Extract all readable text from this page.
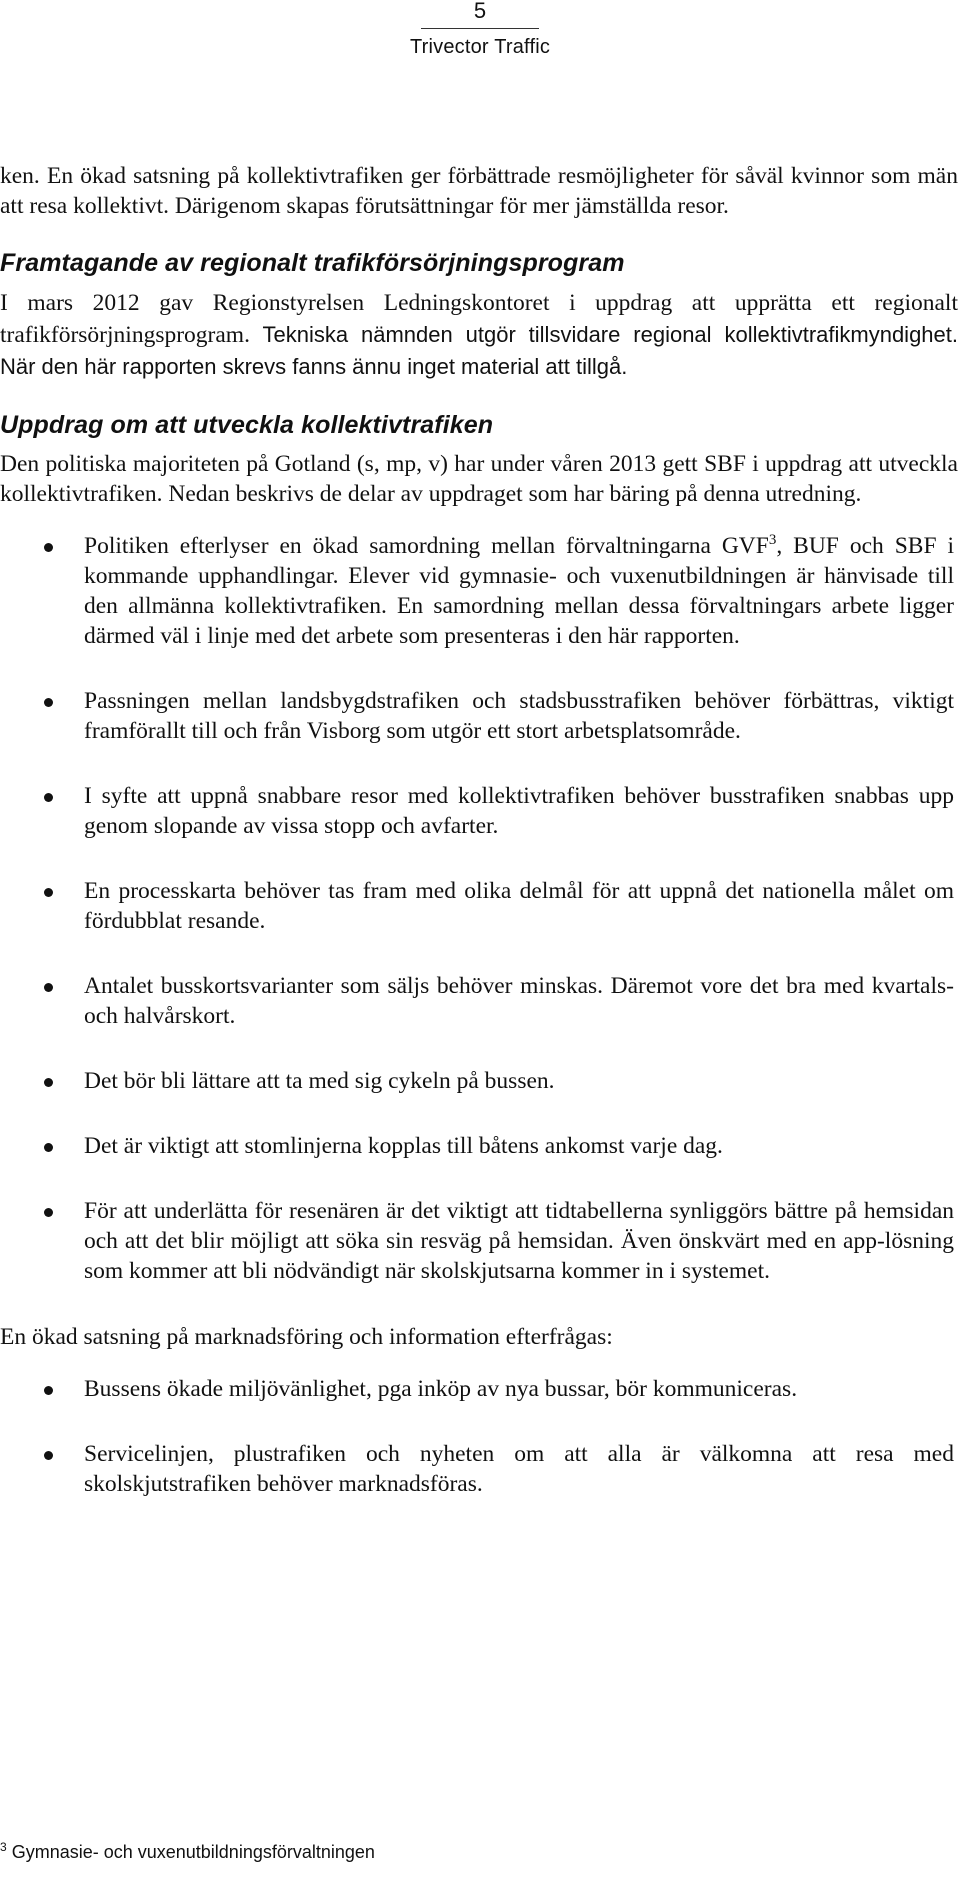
5
Trivector Traffic

ken. En ökad satsning på kollektivtrafiken ger förbättrade resmöjligheter för såväl kvinnor som män att resa kollektivt. Därigenom skapas förutsättningar för mer jämställda resor.

Framtagande av regionalt trafikförsörjningsprogram

I mars 2012 gav Regionstyrelsen Ledningskontoret i uppdrag att upprätta ett regionalt trafikförsörjningsprogram. Tekniska nämnden utgör tillsvidare regional kollektivtrafikmyndighet. När den här rapporten skrevs fanns ännu inget material att tillgå.

Uppdrag om att utveckla kollektivtrafiken

Den politiska majoriteten på Gotland (s, mp, v) har under våren 2013 gett SBF i uppdrag att utveckla kollektivtrafiken. Nedan beskrivs de delar av uppdraget som har bäring på denna utredning.

Politiken efterlyser en ökad samordning mellan förvaltningarna GVF$^3$, BUF och SBF i kommande upphandlingar. Elever vid gymnasie- och vuxenutbildningen är hänvisade till den allmänna kollektivtrafiken. En samordning mellan dessa förvaltningars arbete ligger därmed väl i linje med det arbete som presenteras i den här rapporten.
Passningen mellan landsbygdstrafiken och stadsbusstrafiken behöver förbättras, viktigt framförallt till och från Visborg som utgör ett stort arbetsplatsområde.
I syfte att uppnå snabbare resor med kollektivtrafiken behöver busstrafiken snabbas upp genom slopande av vissa stopp och avfarter.
En processkarta behöver tas fram med olika delmål för att uppnå det nationella målet om fördubblat resande.
Antalet busskortsvarianter som säljs behöver minskas. Däremot vore det bra med kvartals- och halvårskort.
Det bör bli lättare att ta med sig cykeln på bussen.
Det är viktigt att stomlinjerna kopplas till båtens ankomst varje dag.
För att underlätta för resenären är det viktigt att tidtabellerna synliggörs bättre på hemsidan och att det blir möjligt att söka sin resväg på hemsidan. Även önskvärt med en app-lösning som kommer att bli nödvändigt när skolskjutsarna kommer in i systemet.

En ökad satsning på marknadsföring och information efterfrågas:

Bussens ökade miljövänlighet, pga inköp av nya bussar, bör kommuniceras.
Servicelinjen, plustrafiken och nyheten om att alla är välkomna att resa med skolskjutstrafiken behöver marknadsföras.
$^3$ Gymnasie- och vuxenutbildningsförvaltningen
